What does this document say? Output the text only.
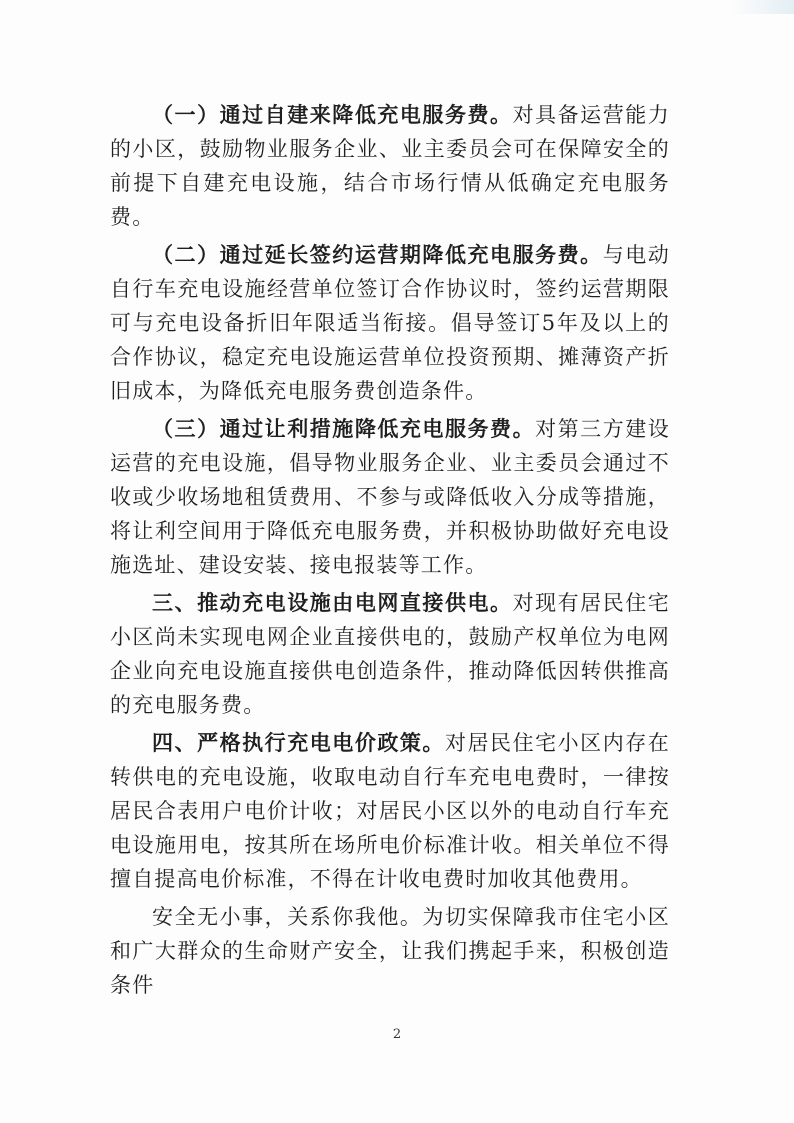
（一）通过自建来降低充电服务费。对具备运营能力的小区，鼓励物业服务企业、业主委员会可在保障安全的前提下自建充电设施，结合市场行情从低确定充电服务费。

（二）通过延长签约运营期降低充电服务费。与电动自行车充电设施经营单位签订合作协议时，签约运营期限可与充电设备折旧年限适当衔接。倡导签订5年及以上的合作协议，稳定充电设施运营单位投资预期、摊薄资产折旧成本，为降低充电服务费创造条件。

（三）通过让利措施降低充电服务费。对第三方建设运营的充电设施，倡导物业服务企业、业主委员会通过不收或少收场地租赁费用、不参与或降低收入分成等措施，将让利空间用于降低充电服务费，并积极协助做好充电设施选址、建设安装、接电报装等工作。

三、推动充电设施由电网直接供电。对现有居民住宅小区尚未实现电网企业直接供电的，鼓励产权单位为电网企业向充电设施直接供电创造条件，推动降低因转供推高的充电服务费。

四、严格执行充电电价政策。对居民住宅小区内存在转供电的充电设施，收取电动自行车充电电费时，一律按居民合表用户电价计收；对居民小区以外的电动自行车充电设施用电，按其所在场所电价标准计收。相关单位不得擅自提高电价标准，不得在计收电费时加收其他费用。

安全无小事，关系你我他。为切实保障我市住宅小区和广大群众的生命财产安全，让我们携起手来，积极创造条件

2
